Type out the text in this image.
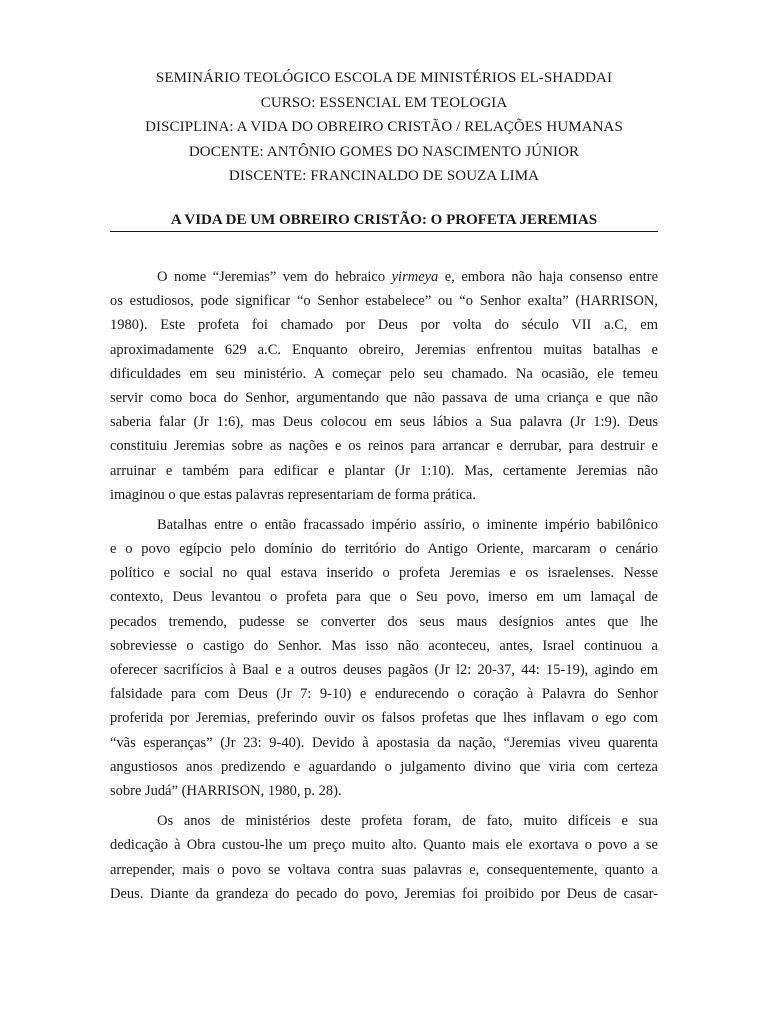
SEMINÁRIO TEOLÓGICO ESCOLA DE MINISTÉRIOS EL-SHADDAI
CURSO: ESSENCIAL EM TEOLOGIA
DISCIPLINA: A VIDA DO OBREIRO CRISTÃO / RELAÇÕES HUMANAS
DOCENTE: ANTÔNIO GOMES DO NASCIMENTO JÚNIOR
DISCENTE: FRANCINALDO DE SOUZA LIMA
A VIDA DE UM OBREIRO CRISTÃO: O PROFETA JEREMIAS
O nome “Jeremias” vem do hebraico yirmeya e, embora não haja consenso entre
os estudiosos, pode significar “o Senhor estabelece” ou “o Senhor exalta” (HARRISON,
1980). Este profeta foi chamado por Deus por volta do século VII a.C, em
aproximadamente 629 a.C. Enquanto obreiro, Jeremias enfrentou muitas batalhas e
dificuldades em seu ministério. A começar pelo seu chamado. Na ocasião, ele temeu
servir como boca do Senhor, argumentando que não passava de uma criança e que não
saberia falar (Jr 1:6), mas Deus colocou em seus lábios a Sua palavra (Jr 1:9). Deus
constituiu Jeremias sobre as nações e os reinos para arrancar e derrubar, para destruir e
arruinar e também para edificar e plantar (Jr 1:10). Mas, certamente Jeremias não
imaginou o que estas palavras representariam de forma prática.
Batalhas entre o então fracassado império assírio, o iminente império babilônico
e o povo egípcio pelo domínio do território do Antigo Oriente, marcaram o cenário
político e social no qual estava inserido o profeta Jeremias e os israelenses. Nesse
contexto, Deus levantou o profeta para que o Seu povo, imerso em um lamaçal de
pecados tremendo, pudesse se converter dos seus maus desígnios antes que lhe
sobreviesse o castigo do Senhor. Mas isso não aconteceu, antes, Israel continuou a
oferecer sacrifícios à Baal e a outros deuses pagãos (Jr l2: 20-37, 44: 15-19), agindo em
falsidade para com Deus (Jr 7: 9-10) e endurecendo o coração à Palavra do Senhor
proferida por Jeremias, preferindo ouvir os falsos profetas que lhes inflavam o ego com
“vãs esperanças” (Jr 23: 9-40). Devido à apostasia da nação, “Jeremias viveu quarenta
angustiosos anos predizendo e aguardando o julgamento divino que viria com certeza
sobre Judá” (HARRISON, 1980, p. 28).
Os anos de ministérios deste profeta foram, de fato, muito difíceis e sua
dedicação à Obra custou-lhe um preço muito alto. Quanto mais ele exortava o povo a se
arrepender, mais o povo se voltava contra suas palavras e, consequentemente, quanto a
Deus. Diante da grandeza do pecado do povo, Jeremias foi proibido por Deus de casar-
